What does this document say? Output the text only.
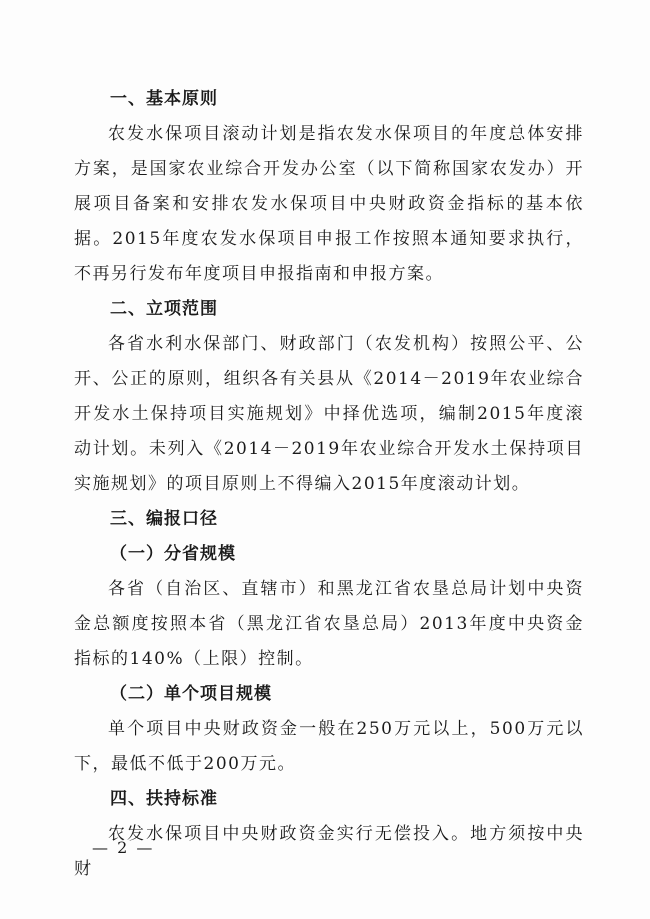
一、基本原则

农发水保项目滚动计划是指农发水保项目的年度总体安排方案，是国家农业综合开发办公室（以下简称国家农发办）开展项目备案和安排农发水保项目中央财政资金指标的基本依据。2015年度农发水保项目申报工作按照本通知要求执行，不再另行发布年度项目申报指南和申报方案。

二、立项范围

各省水利水保部门、财政部门（农发机构）按照公平、公开、公正的原则，组织各有关县从《2014－2019年农业综合开发水土保持项目实施规划》中择优选项，编制2015年度滚动计划。未列入《2014－2019年农业综合开发水土保持项目实施规划》的项目原则上不得编入2015年度滚动计划。

三、编报口径
（一）分省规模

各省（自治区、直辖市）和黑龙江省农垦总局计划中央资金总额度按照本省（黑龙江省农垦总局）2013年度中央资金指标的140%（上限）控制。

（二）单个项目规模

单个项目中央财政资金一般在250万元以上，500万元以下，最低不低于200万元。

四、扶持标准

农发水保项目中央财政资金实行无偿投入。地方须按中央财

— 2 —
